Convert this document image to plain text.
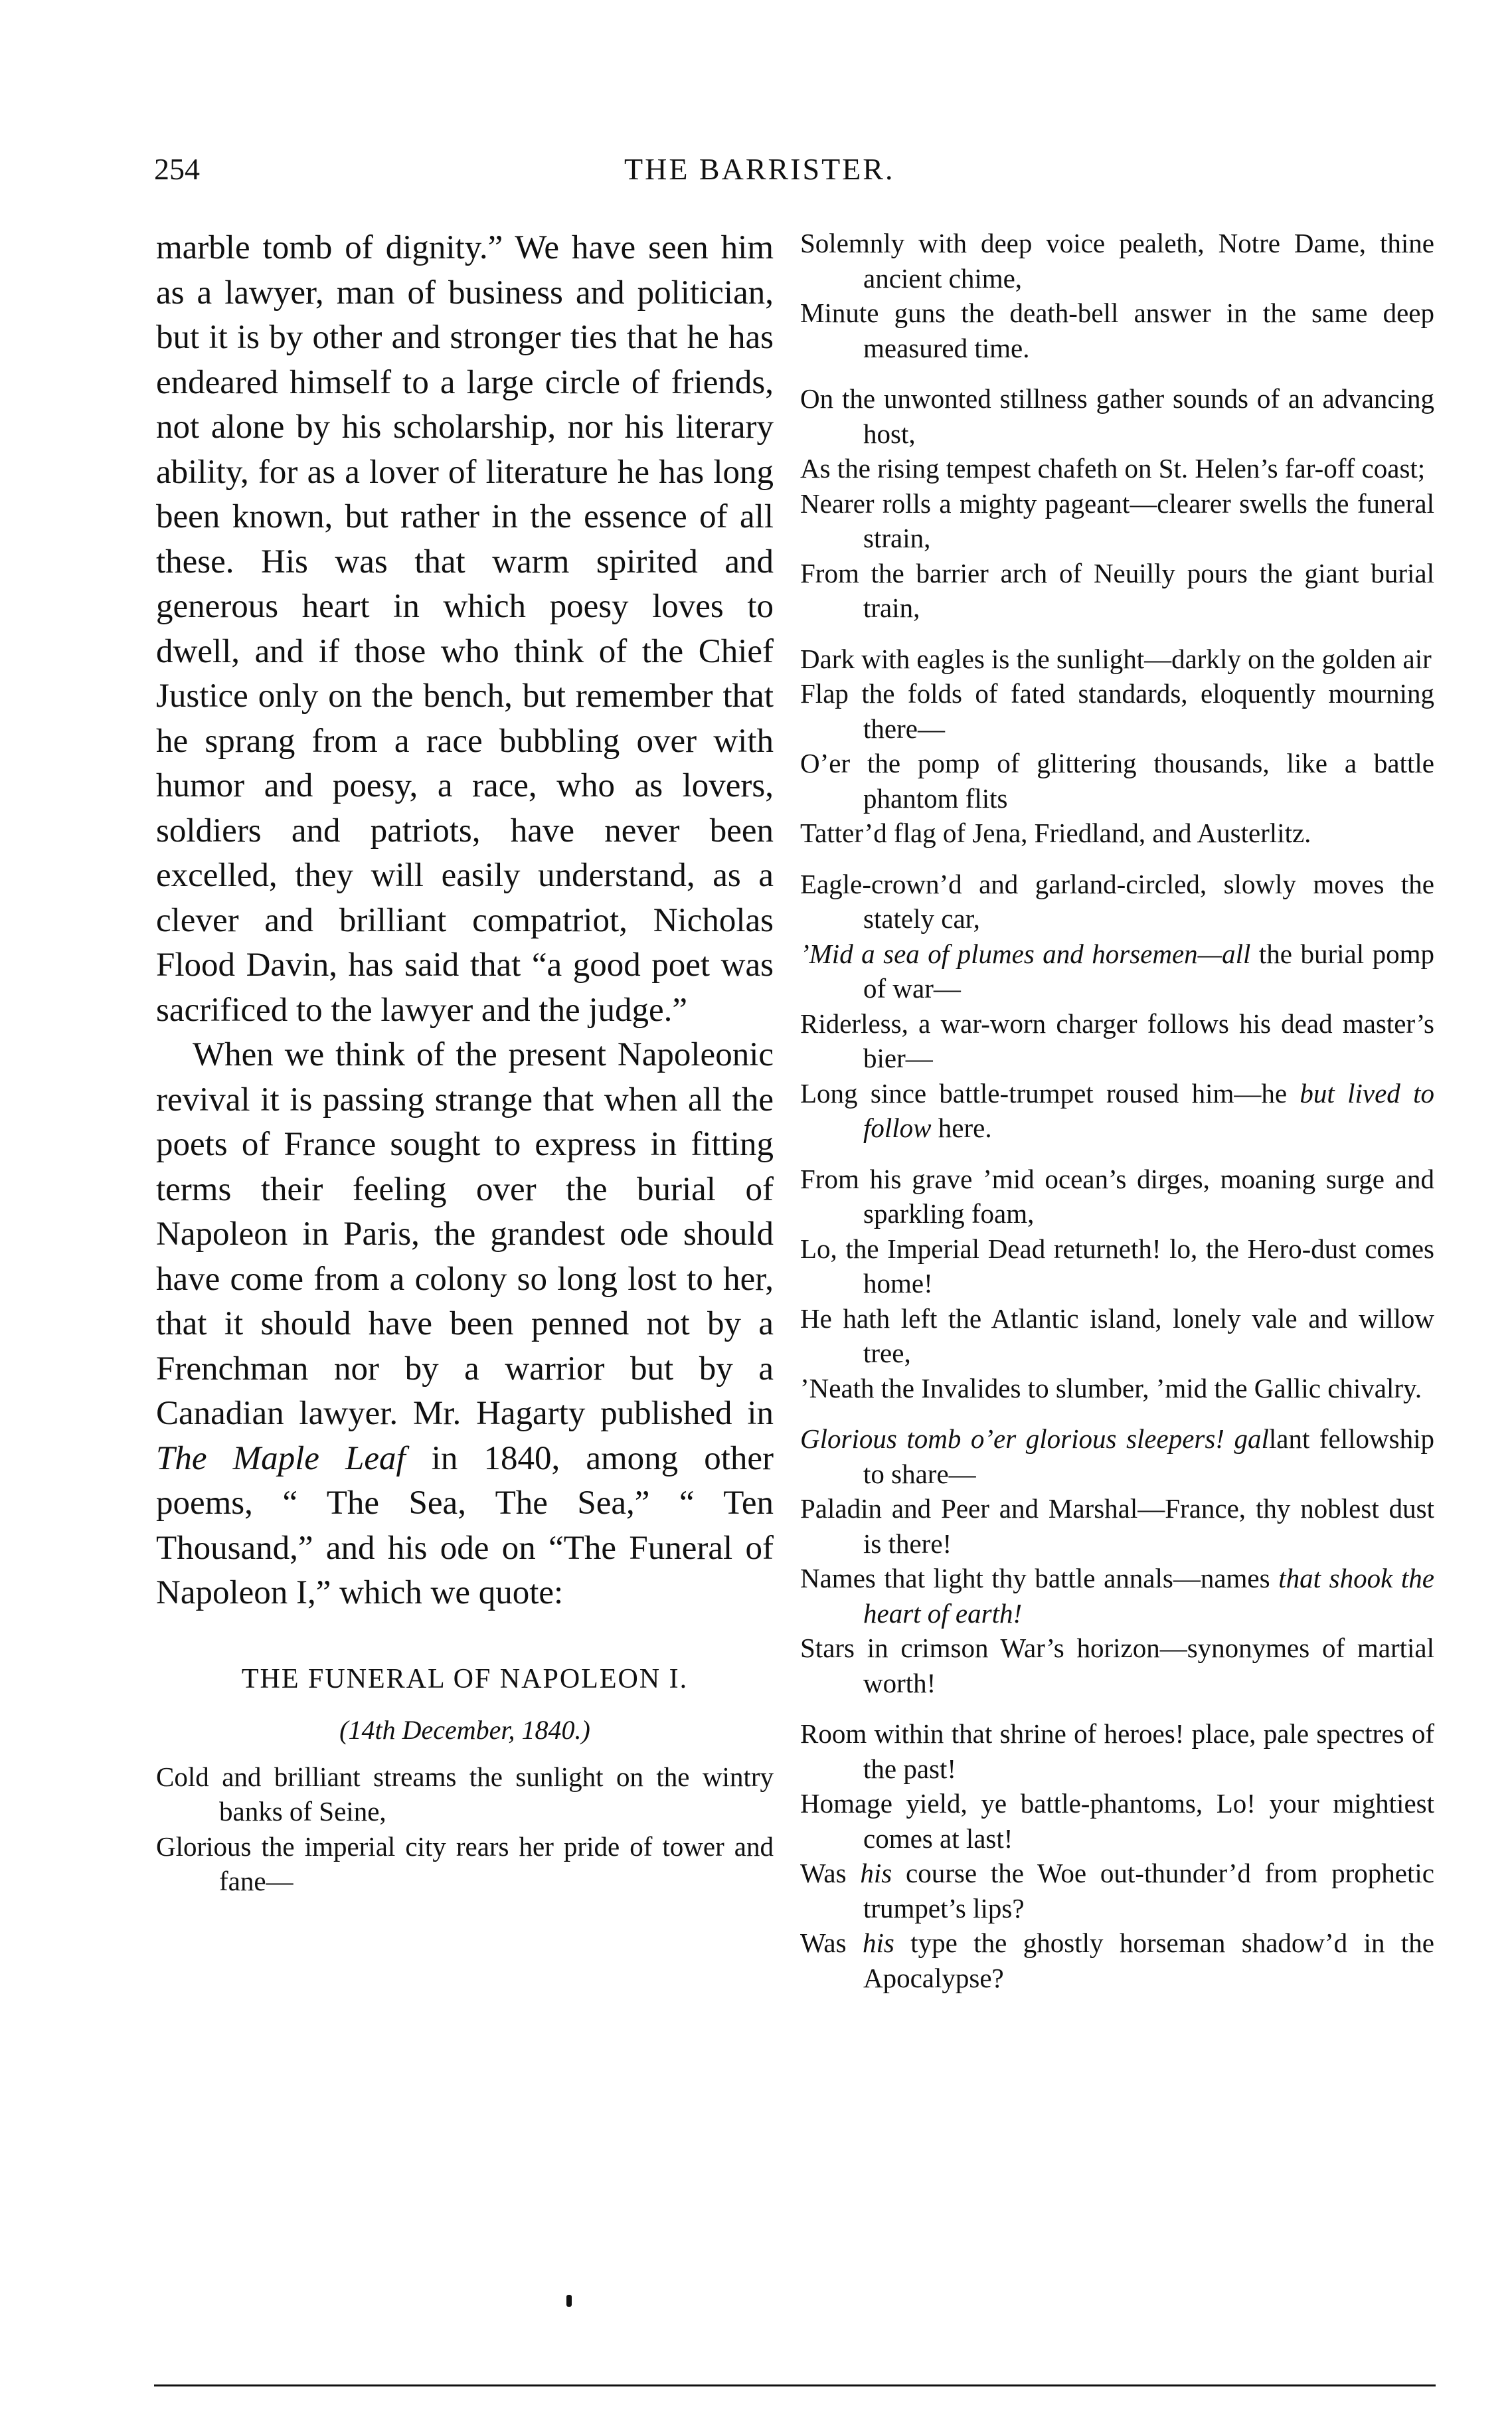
254	THE BARRISTER.

marble tomb of dignity.” We have seen him as a lawyer, man of business and politician, but it is by other and stronger ties that he has endeared himself to a large circle of friends, not alone by his scholarship, nor his literary ability, for as a lover of literature he has long been known, but rather in the essence of all these. His was that warm spirited and generous heart in which poesy loves to dwell, and if those who think of the Chief Justice only on the bench, but remember that he sprang from a race bubbling over with humor and poesy, a race, who as lovers, soldiers and patriots, have never been excelled, they will easily understand, as a clever and brilliant compatriot, Nicholas Flood Davin, has said that “a good poet was sacrificed to the lawyer and the judge.”

When we think of the present Napoleonic revival it is passing strange that when all the poets of France sought to express in fitting terms their feeling over the burial of Napoleon in Paris, the grandest ode should have come from a colony so long lost to her, that it should have been penned not by a Frenchman nor by a warrior but by a Canadian lawyer. Mr. Hagarty published in The Maple Leaf in 1840, among other poems, “ The Sea, The Sea,” “ Ten Thousand,” and his ode on “The Funeral of Napoleon I,” which we quote:

THE FUNERAL OF NAPOLEON I.
(14th December, 1840.)
Cold and brilliant streams the sunlight on the wintry banks of Seine,
Glorious the imperial city rears her pride of tower and fane—
Solemnly with deep voice pealeth, Notre Dame, thine ancient chime,
Minute guns the death-bell answer in the same deep measured time.
On the unwonted stillness gather sounds of an advancing host,
As the rising tempest chafeth on St. Helen’s far-off coast;
Nearer rolls a mighty pageant—clearer swells the funeral strain,
From the barrier arch of Neuilly pours the giant burial train,
Dark with eagles is the sunlight—darkly on the golden air
Flap the folds of fated standards, eloquently mourning there—
O’er the pomp of glittering thousands, like a battle phantom flits
Tatter’d flag of Jena, Friedland, and Austerlitz.
Eagle-crown’d and garland-circled, slowly moves the stately car,
’Mid a sea of plumes and horsemen—all the burial pomp of war—
Riderless, a war-worn charger follows his dead master’s bier—
Long since battle-trumpet roused him—he but lived to follow here.
From his grave ’mid ocean’s dirges, moaning surge and sparkling foam,
Lo, the Imperial Dead returneth! lo, the Hero-dust comes home!
He hath left the Atlantic island, lonely vale and willow tree,
’Neath the Invalides to slumber, ’mid the Gallic chivalry.
Glorious tomb o’er glorious sleepers! gallant fellowship to share—
Paladin and Peer and Marshal—France, thy noblest dust is there!
Names that light thy battle annals—names that shook the heart of earth!
Stars in crimson War’s horizon—synonymes of martial worth!
Room within that shrine of heroes! place, pale spectres of the past!
Homage yield, ye battle-phantoms, Lo! your mightiest comes at last!
Was his course the Woe out-thunder’d from prophetic trumpet’s lips?
Was his type the ghostly horseman shadow’d in the Apocalypse?
